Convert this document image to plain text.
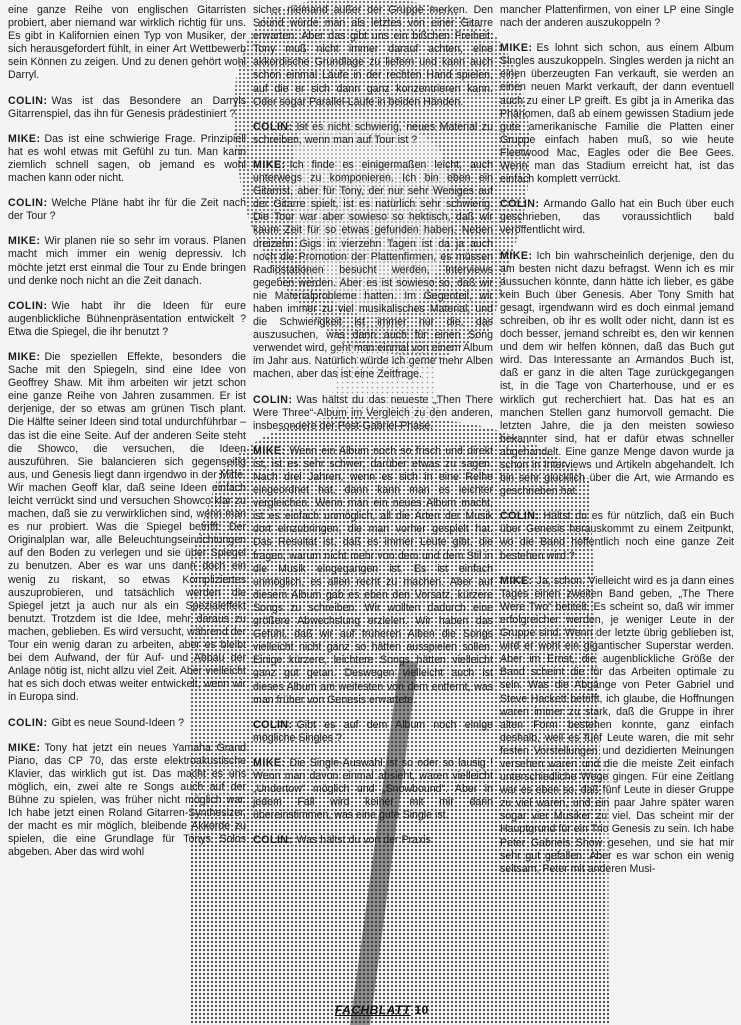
eine ganze Reihe von englischen Gitarristen probiert, aber niemand war wirklich richtig für uns. Es gibt in Kalifornien einen Typ von Musiker, der sich herausgefordert fühlt, in einer Art Wettbewerb sein Können zu zeigen. Und zu denen gehört wohl Darryl.

COLIN: Was ist das Besondere an Darryls Gitarrenspiel, das ihn für Genesis prädestiniert ?

MIKE: Das ist eine schwierige Frage. Prinzipiell hat es wohl etwas mit Gefühl zu tun. Man kann ziemlich schnell sagen, ob jemand es wohl machen kann oder nicht.

COLIN: Welche Pläne habt ihr für die Zeit nach der Tour ?

MIKE: Wir planen nie so sehr im voraus. Planen macht mich immer ein wenig depressiv. Ich möchte jetzt erst einmal die Tour zu Ende bringen und denke noch nicht an die Zeit danach.

COLIN: Wie habt ihr die Ideen für eure augenblickliche Bühnenpräsentation entwickelt ? Etwa die Spiegel, die ihr benutzt ?

MIKE: Die speziellen Effekte, besonders die Sache mit den Spiegeln, sind eine Idee von Geoffrey Shaw. Mit ihm arbeiten wir jetzt schon eine ganze Reihe von Jahren zusammen. Er ist derjenige, der so etwas am grünen Tisch plant. Die Hälfte seiner Ideen sind total undurchführbar – das ist die eine Seite. Auf der anderen Seite steht die Showco, die versuchen, die Ideen auszuführen. Sie balancieren sich gegenseitig aus, und Genesis liegt dann irgendwo in der Mitte. Wir machen Geoff klar, daß seine Ideen einfach leicht verrückt sind und versuchen Showco klar zu machen, daß sie zu verwirklichen sind, wenn man es nur probiert. Was die Spiegel betrifft: Der Originalplan war, alle Beleuchtungseinrichtungen auf den Boden zu verlegen und sie über Spiegel zu benutzen. Aber es war uns dann doch ein wenig zu riskant, so etwas Kompliziertes auszuprobieren, und tatsächlich werden die Spiegel jetzt ja auch nur als ein Spezialeffekt benutzt. Trotzdem ist die Idee, mehr daraus zu machen, geblieben. Es wird versucht, während der Tour ein wenig daran zu arbeiten, aber es bleibt bei dem Aufwand, der für Auf- und Abbau der Anlage nötig ist, nicht allzu viel Zeit. Aber vielleicht hat es sich doch etwas weiter entwickelt, wenn wir in Europa sind.

COLIN: Gibt es neue Sound-Ideen ?

MIKE: Tony hat jetzt ein neues Yamaha Grand Piano, das CP 70, das erste elektroakustische Klavier, das wirklich gut ist. Das macht es uns möglich, ein, zwei alte re Songs auch auf der Bühne zu spielen, was früher nicht möglich war. Ich habe jetzt einen Roland Gitarren-Synthesizer, der macht es mir möglich, bleibende Akkorde zu spielen, die eine Grundlage für Tonys Solos abgeben. Aber das wird wohl

sicher niemand außer der Gruppe merken. Den Sound würde man als letztes von einer Gitarre erwarten. Aber das gibt uns ein bißchen Freiheit. Tony muß nicht immer darauf achten, eine akkordische Grundlage zu liefern und kann auch schon einmal Läufe in der rechten Hand spielen, auf die er sich dann ganz konzentrieren kann. Oder sogar Parallel-Läufe in beiden Händen.

COLIN: Ist es nicht schwierig, neues Material zu schreiben, wenn man auf Tour ist ?

MIKE: Ich finde es einigermaßen leicht, auch unterwegs zu komponieren. Ich bin eben ein Gitarrist, aber für Tony, der nur sehr Weniges auf der Gitarre spielt, ist es natürlich sehr schwierig. Die Tour war aber sowieso so hektisch, daß wir kaum Zeit für so etwas gefunden haben. Neben dreizehn Gigs in vierzehn Tagen ist da ja auch noch die Promotion der Plattenfirmen, es müssen Radiostationen besucht werden, Interviews gegeben werden. Aber es ist sowieso so, daß wir nie Materialprobleme hatten. Im Gegenteil, wir haben immer zu viel musikalisches Material, und die Schwierigkeit ist immer nur die, das auszusuchen, was dann auch für einen Song verwendet wird, geht man einmal von einem Album im Jahr aus. Natürlich würde ich gerne mehr Alben machen, aber das ist eine Zeitfrage.

COLIN: Was hältst du das neueste „Then There Were Three“-Album im Vergleich zu den anderen, insbesondere der Post-Gabriel-Phase.

MIKE: Wenn ein Album noch so frisch und direkt ist, ist es sehr schwer, darüber etwas zu sagen. Nach drei Jahren, wenn es sich in eine Reihe eingeordnet hat, dann kann man es leichter vergleichen. Wenn man ein neues Album macht, ist es einfach unmöglich, all die Arten der Musik dort einzubringen, die man vorher gespielt hat. Das Resultat ist, daß es immer Leute gibt, die fragen, warum nicht mehr von dem und dem Stil in die Musik eingegangen ist. Es ist einfach unmöglich, es allen recht zu machen. Aber auf diesem Album gab es eben den Vorsatz, kürzere Songs zu schreiben. Wir wollten dadurch eine größere Abwechslung erzielen. Wir haben das Gefühl, daß wir auf früheren Alben die Songs vielleicht nicht ganz so hätten ausspielen sollen. Einige kürzere, leichtere Songs hätten vielleicht ganz gut getan. Deswegen vielleicht auch ist dieses Album am weitesten von dem entfernt, was man früher von Genesis erwartete.

COLIN: Gibt es auf dem Album noch einige mögliche Singles ?

MIKE: Die Single-Auswahl ist so oder so lausig ! Wenn man davon einmal absieht, waren vielleicht „Undertow“ möglich und „Snowbound“. Aber in jedem Fall wird keiner mit mir darin übereinstimmen, was eine gute Single ist.

COLIN: Was hältst du von der Praxis

mancher Plattenfirmen, von einer LP eine Single nach der anderen auszukoppeln ?

MIKE: Es lohnt sich schon, aus einem Album Singles auszukoppeln. Singles werden ja nicht an einen überzeugten Fan verkauft, sie werden an einen neuen Markt verkauft, der dann eventuell auch zu einer LP greift. Es gibt ja in Amerika das Phänomen, daß ab einem gewissen Stadium jede gute amerikanische Familie die Platten einer Gruppe einfach haben muß, so wie heute Fleetwood Mac, Eagles oder die Bee Gees. Wenn man das Stadium erreicht hat, ist das einfach komplett verrückt.

COLIN: Armando Gallo hat ein Buch über euch geschrieben, das voraussichtlich bald veröffentlicht wird.

MIKE: Ich bin wahrscheinlich derjenige, den du am besten nicht dazu befragst. Wenn ich es mir aussuchen könnte, dann hätte ich lieber, es gäbe kein Buch über Genesis. Aber Tony Smith hat gesagt, irgendwann wird es doch einmal jemand schreiben, ob ihr es wollt oder nicht, dann ist es doch besser, jemand schreibt es, den wir kennen und dem wir helfen können, daß das Buch gut wird. Das Interessante an Armandos Buch ist, daß er ganz in die alten Tage zurückgegangen ist, in die Tage von Charterhouse, und er es wirklich gut recherchiert hat. Das hat es an manchen Stellen ganz humorvoll gemacht. Die letzten Jahre, die ja den meisten sowieso bekannter sind, hat er dafür etwas schneller abgehandelt. Eine ganze Menge davon wurde ja schon in Interviews und Artikeln abgehandelt. Ich bin sehr glücklich über die Art, wie Armando es geschrieben hat.

COLIN: Hältst du es für nützlich, daß ein Buch über Genesis herauskommt zu einem Zeitpunkt, wo die Band hoffentlich noch eine ganze Zeit bestehen wird ?

MIKE: Ja, schon. Vielleicht wird es ja dann eines Tages einen zweiten Band geben, „The There Were Two“ betitelt. Es scheint so, daß wir immer erfolgreicher werden, je weniger Leute in der Gruppe sind. Wenn der letzte übrig geblieben ist, wird er wohl ein gigantischer Superstar werden. Aber im Ernst, die augenblickliche Größe der Band scheint die für das Arbeiten optimale zu sein. Was die Abgänge von Peter Gabriel und Steve Hackett betrifft, ich glaube, die Hoffnungen waren immer zu stark, daß die Gruppe in ihrer alten Form bestehen konnte, ganz einfach deshalb, weil es fünf Leute waren, die mit sehr festen Vorstellungen und dezidierten Meinungen versehen waren und die die meiste Zeit einfach unterschiedliche Wege gingen. Für eine Zeitlang war es eben so, daß fünf Leute in dieser Gruppe zu viel waren, und ein paar Jahre später waren sogar vier Musiker zu viel. Das scheint mir der Hauptgrund für ein Trio Genesis zu sein. Ich habe Peter Gabriels Show gesehen, und sie hat mir sehr gut gefallen. Aber es war schon ein wenig seltsam, Peter mit anderen Musi-

FACHBLATT 10
